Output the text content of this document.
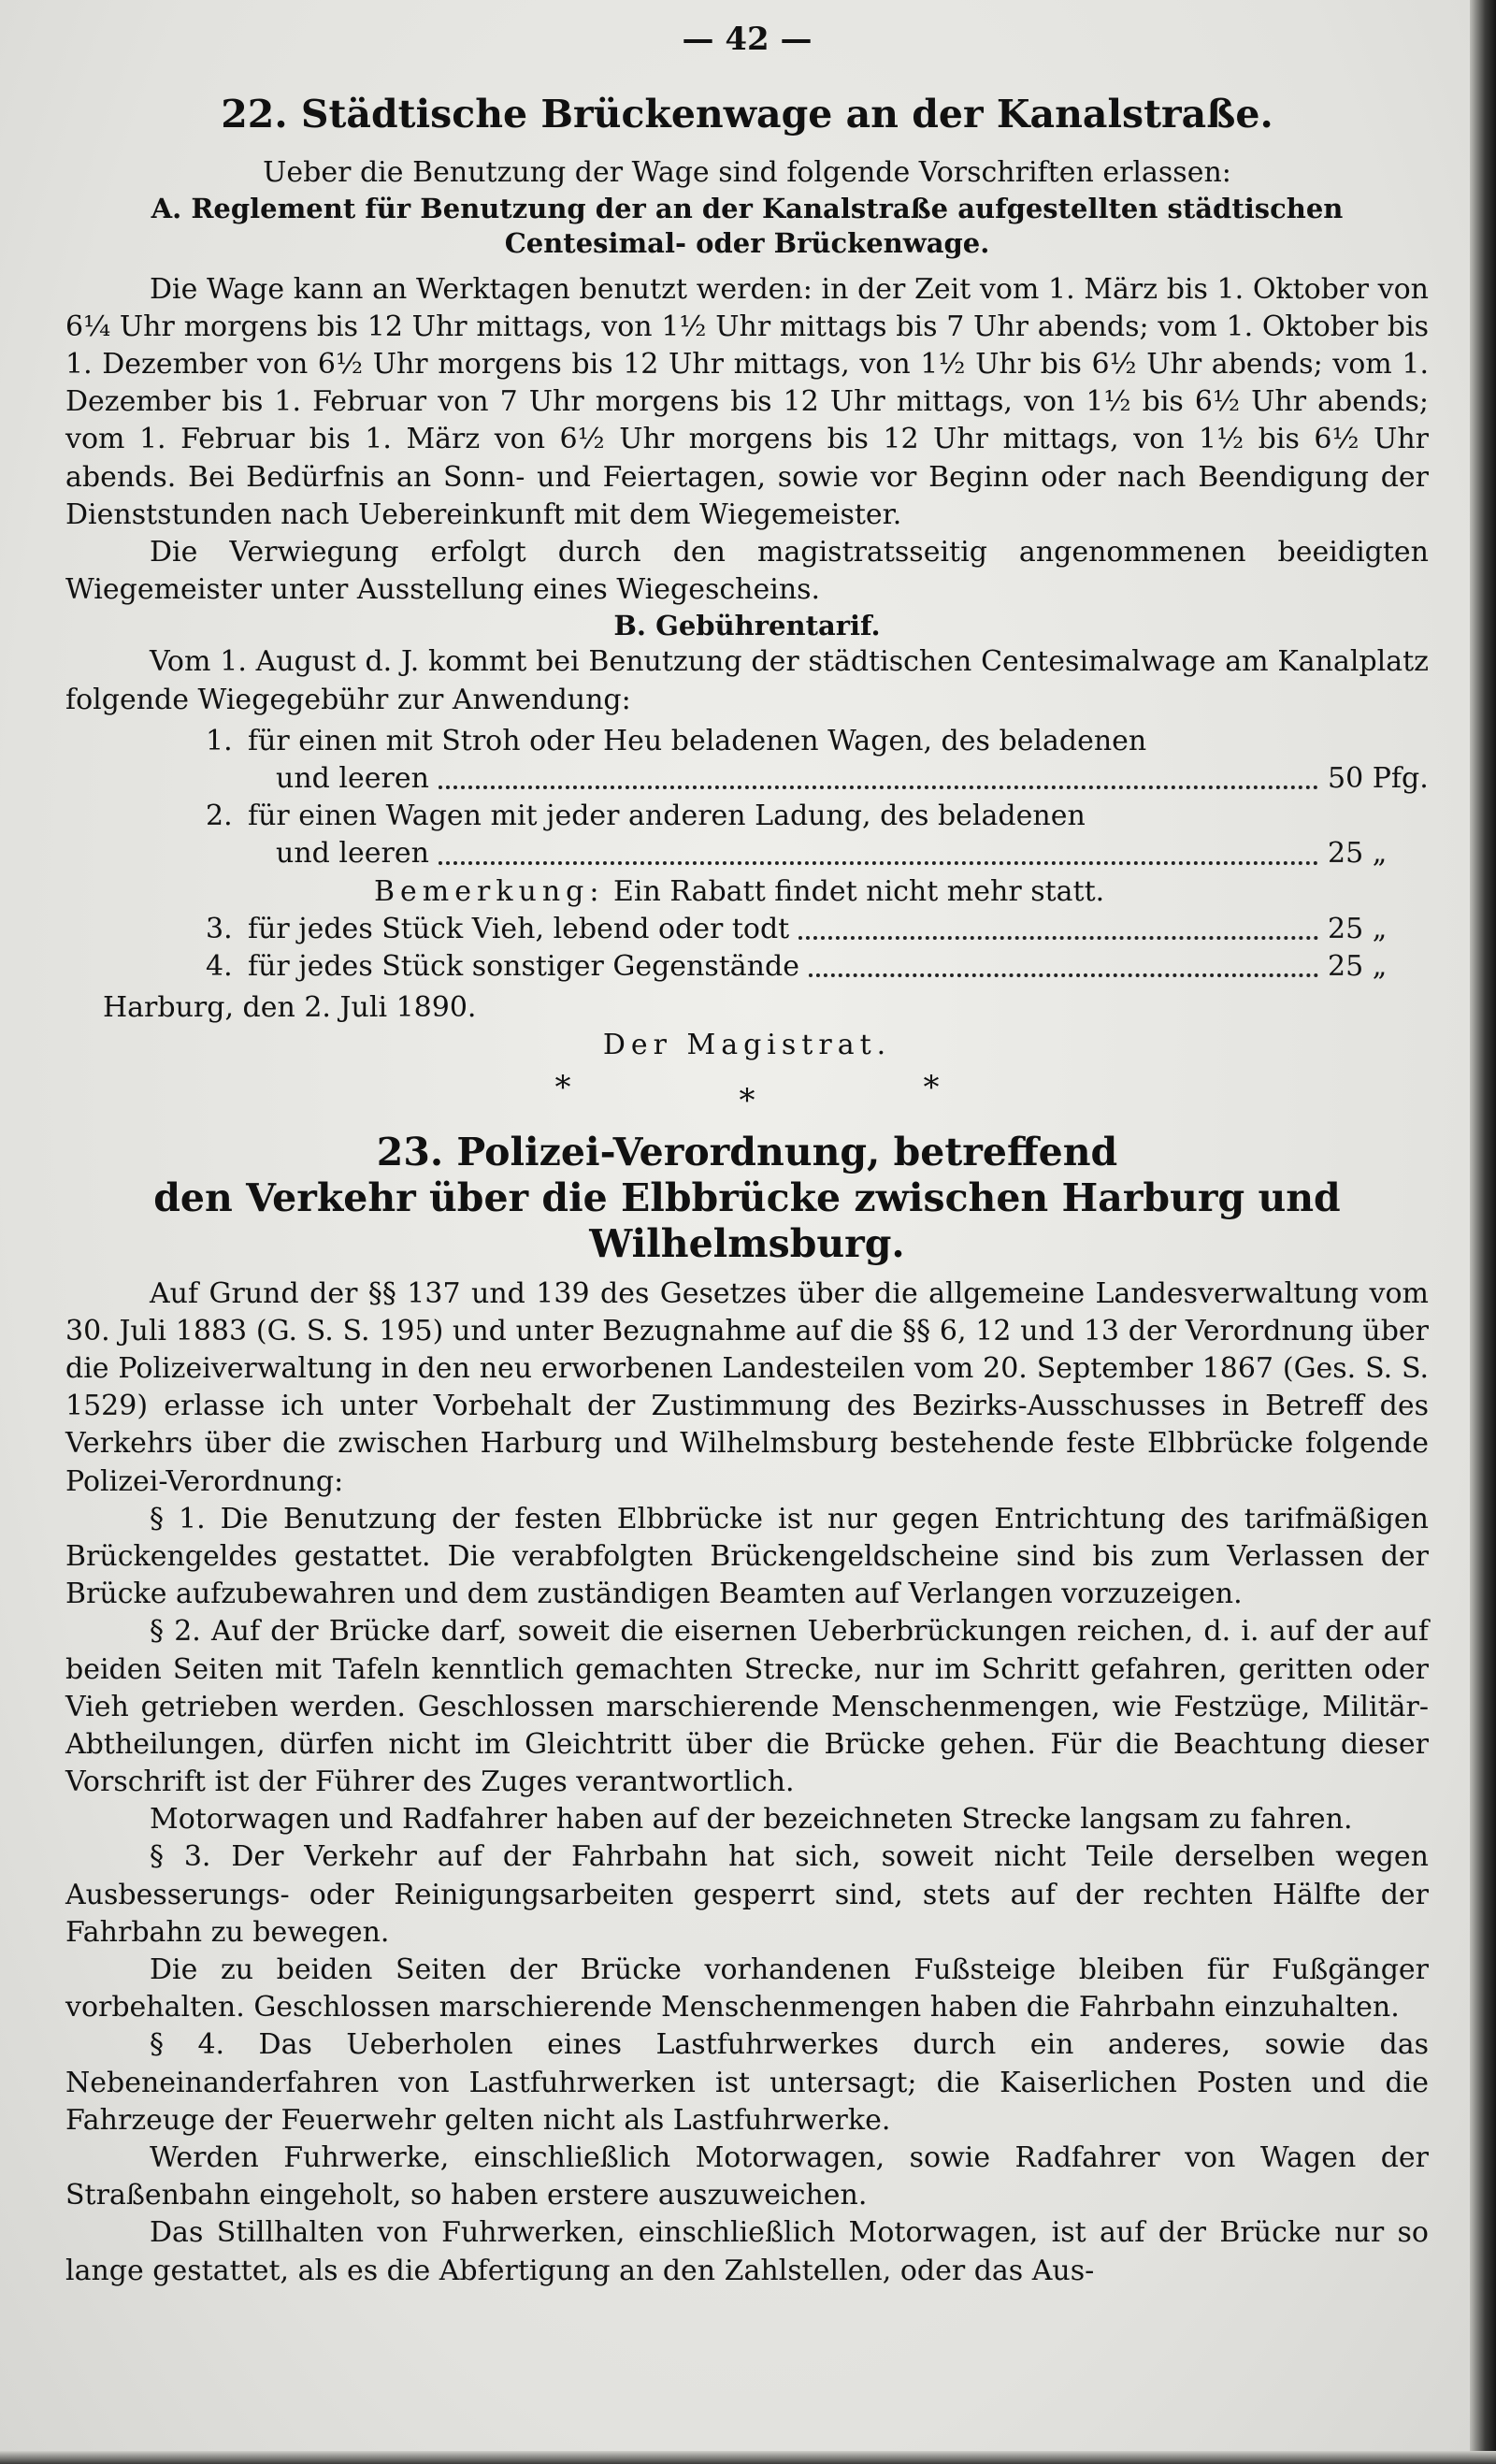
— 42 —
22. Städtische Brückenwage an der Kanalstraße.

Ueber die Benutzung der Wage sind folgende Vorschriften erlassen:

A. Reglement für Benutzung der an der Kanalstraße aufgestellten städtischen Centesimal- oder Brückenwage.

Die Wage kann an Werktagen benutzt werden: in der Zeit vom 1. März bis 1. Oktober von 6¼ Uhr morgens bis 12 Uhr mittags, von 1½ Uhr mittags bis 7 Uhr abends; vom 1. Oktober bis 1. Dezember von 6½ Uhr morgens bis 12 Uhr mittags, von 1½ Uhr bis 6½ Uhr abends; vom 1. Dezember bis 1. Februar von 7 Uhr morgens bis 12 Uhr mittags, von 1½ bis 6½ Uhr abends; vom 1. Februar bis 1. März von 6½ Uhr morgens bis 12 Uhr mittags, von 1½ bis 6½ Uhr abends. Bei Bedürfnis an Sonn- und Feiertagen, sowie vor Beginn oder nach Beendigung der Dienststunden nach Uebereinkunft mit dem Wiegemeister.

Die Verwiegung erfolgt durch den magistratsseitig angenommenen beeidigten Wiegemeister unter Ausstellung eines Wiegescheins.

B. Gebührentarif.

Vom 1. August d. J. kommt bei Benutzung der städtischen Centesimalwage am Kanalplatz folgende Wiegegebühr zur Anwendung:

1. für einen mit Stroh oder Heu beladenen Wagen, des beladenen
und leeren	50 Pfg.
2. für einen Wagen mit jeder anderen Ladung, des beladenen
und leeren	25 „
Bemerkung: Ein Rabatt findet nicht mehr statt.
3. für jedes Stück Vieh, lebend oder todt	25 „
4. für jedes Stück sonstiger Gegenstände	25 „

Harburg, den 2. Juli 1890.

Der Magistrat.
*	*	*
23. Polizei-Verordnung, betreffend
den Verkehr über die Elbbrücke zwischen Harburg und Wilhelmsburg.

Auf Grund der §§ 137 und 139 des Gesetzes über die allgemeine Landesverwaltung vom 30. Juli 1883 (G. S. S. 195) und unter Bezugnahme auf die §§ 6, 12 und 13 der Verordnung über die Polizeiverwaltung in den neu erworbenen Landesteilen vom 20. September 1867 (Ges. S. S. 1529) erlasse ich unter Vorbehalt der Zustimmung des Bezirks-Ausschusses in Betreff des Verkehrs über die zwischen Harburg und Wilhelmsburg bestehende feste Elbbrücke folgende Polizei-Verordnung:

§ 1. Die Benutzung der festen Elbbrücke ist nur gegen Entrichtung des tarifmäßigen Brückengeldes gestattet. Die verabfolgten Brückengeldscheine sind bis zum Verlassen der Brücke aufzubewahren und dem zuständigen Beamten auf Verlangen vorzuzeigen.

§ 2. Auf der Brücke darf, soweit die eisernen Ueberbrückungen reichen, d. i. auf der auf beiden Seiten mit Tafeln kenntlich gemachten Strecke, nur im Schritt gefahren, geritten oder Vieh getrieben werden. Geschlossen marschierende Menschenmengen, wie Festzüge, Militär-Abtheilungen, dürfen nicht im Gleichtritt über die Brücke gehen. Für die Beachtung dieser Vorschrift ist der Führer des Zuges verantwortlich.

Motorwagen und Radfahrer haben auf der bezeichneten Strecke langsam zu fahren.

§ 3. Der Verkehr auf der Fahrbahn hat sich, soweit nicht Teile derselben wegen Ausbesserungs- oder Reinigungsarbeiten gesperrt sind, stets auf der rechten Hälfte der Fahrbahn zu bewegen.

Die zu beiden Seiten der Brücke vorhandenen Fußsteige bleiben für Fußgänger vorbehalten. Geschlossen marschierende Menschenmengen haben die Fahrbahn einzuhalten.

§ 4. Das Ueberholen eines Lastfuhrwerkes durch ein anderes, sowie das Nebeneinanderfahren von Lastfuhrwerken ist untersagt; die Kaiserlichen Posten und die Fahrzeuge der Feuerwehr gelten nicht als Lastfuhrwerke.

Werden Fuhrwerke, einschließlich Motorwagen, sowie Radfahrer von Wagen der Straßenbahn eingeholt, so haben erstere auszuweichen.

Das Stillhalten von Fuhrwerken, einschließlich Motorwagen, ist auf der Brücke nur so lange gestattet, als es die Abfertigung an den Zahlstellen, oder das Aus-
